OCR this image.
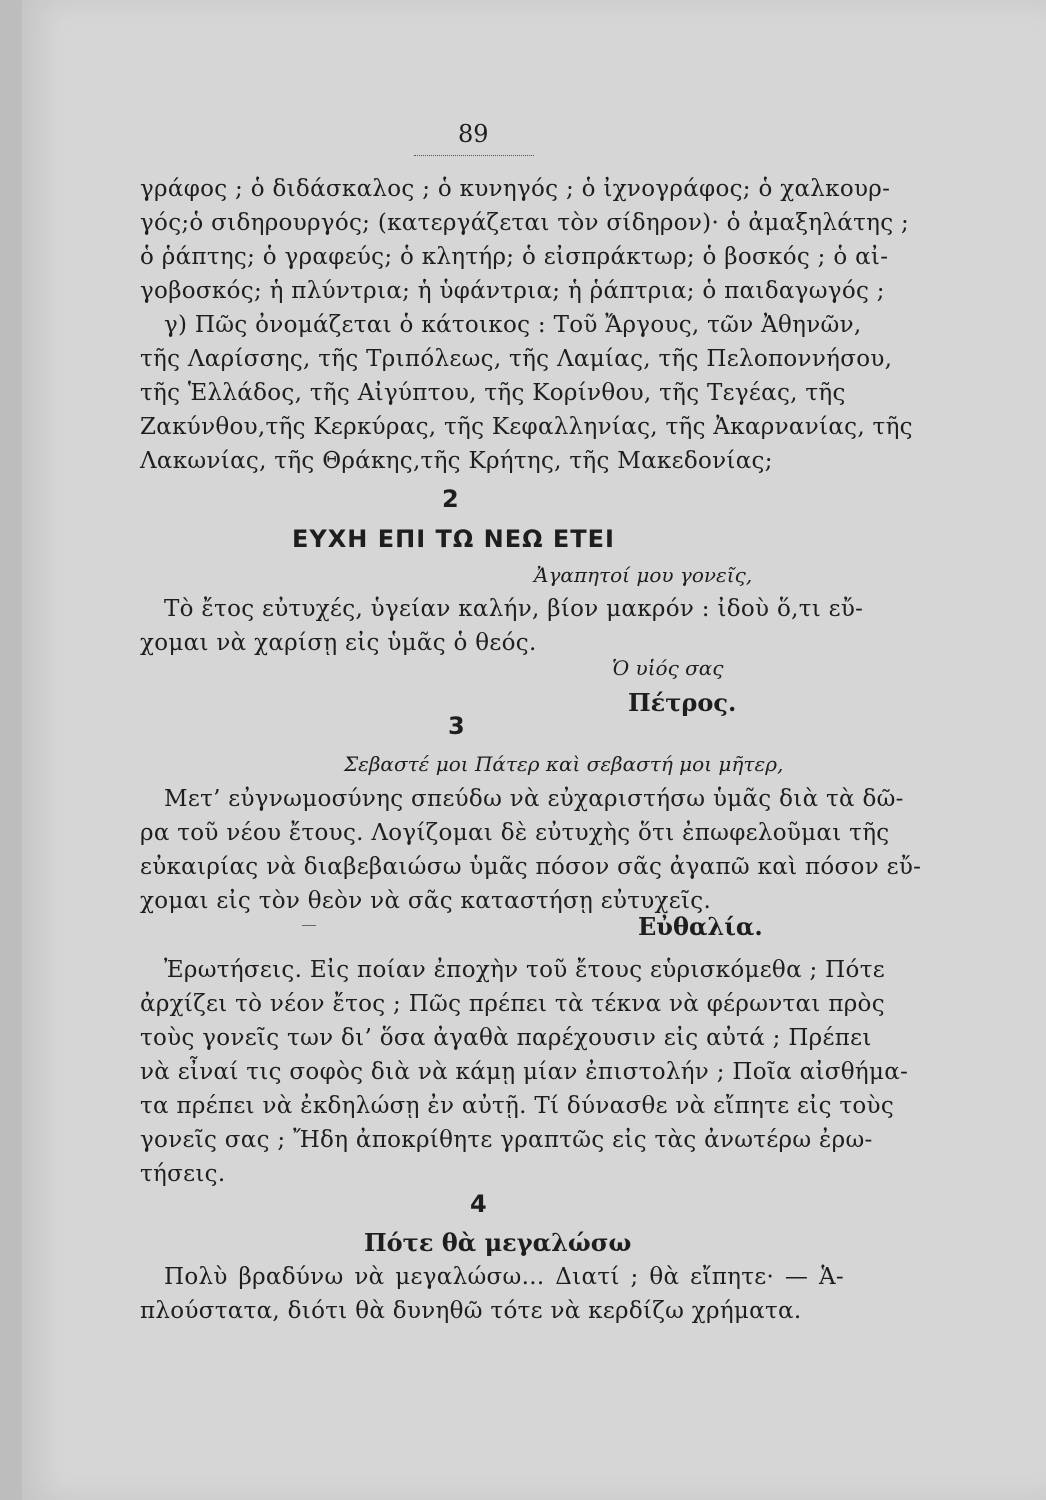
89
γράφος ; ὁ διδάσκαλος ; ὁ κυνηγός ; ὁ ἰχνογράφος; ὁ χαλκουρ-
γός;ὁ σιδηρουργός; (κατεργάζεται τὸν σίδηρον)· ὁ ἀμαξηλάτης ;
ὁ ῥάπτης; ὁ γραφεύς; ὁ κλητήρ; ὁ εἰσπράκτωρ; ὁ βοσκός ; ὁ αἰ-
γοβοσκός; ἡ πλύντρια; ἡ ὑφάντρια; ἡ ῥάπτρια; ὁ παιδαγωγός ;
γ) Πῶς ὀνομάζεται ὁ κάτοικος : Τοῦ Ἄργους, τῶν Ἀθηνῶν,
τῆς Λαρίσσης, τῆς Τριπόλεως, τῆς Λαμίας, τῆς Πελοποννήσου,
τῆς Ἑλλάδος, τῆς Αἰγύπτου, τῆς Κορίνθου, τῆς Τεγέας, τῆς
Ζακύνθου,τῆς Κερκύρας, τῆς Κεφαλληνίας, τῆς Ἀκαρνανίας, τῆς
Λακωνίας, τῆς Θράκης,τῆς Κρήτης, τῆς Μακεδονίας;
2
ΕΥΧΗ ΕΠΙ ΤΩ ΝΕΩ ΕΤΕΙ
Ἀγαπητοί μου γονεῖς,
Τὸ ἔτος εὐτυχές, ὑγείαν καλήν, βίον μακρόν : ἰδοὺ ὅ,τι εὔ-
χομαι νὰ χαρίσῃ εἰς ὑμᾶς ὁ θεός.
Ὁ υἱός σας
Πέτρος.
3
Σεβαστέ μοι Πάτερ καὶ σεβαστή μοι μῆτερ,
Μετ’ εὐγνωμοσύνης σπεύδω νὰ εὐχαριστήσω ὑμᾶς διὰ τὰ δῶ-
ρα τοῦ νέου ἔτους. Λογίζομαι δὲ εὐτυχὴς ὅτι ἐπωφελοῦμαι τῆς
εὐκαιρίας νὰ διαβεβαιώσω ὑμᾶς πόσον σᾶς ἀγαπῶ καὶ πόσον εὔ-
χομαι εἰς τὸν θεὸν νὰ σᾶς καταστήσῃ εὐτυχεῖς.
Εὐθαλία.
Ἐρωτήσεις. Εἰς ποίαν ἐποχὴν τοῦ ἔτους εὑρισκόμεθα ; Πότε
ἀρχίζει τὸ νέον ἔτος ; Πῶς πρέπει τὰ τέκνα νὰ φέρωνται πρὸς
τοὺς γονεῖς των δι’ ὅσα ἀγαθὰ παρέχουσιν εἰς αὐτά ; Πρέπει
νὰ εἶναί τις σοφὸς διὰ νὰ κάμῃ μίαν ἐπιστολήν ; Ποῖα αἰσθήμα-
τα πρέπει νὰ ἐκδηλώσῃ ἐν αὐτῇ. Τί δύνασθε νὰ εἴπητε εἰς τοὺς
γονεῖς σας ; Ἤδη ἀποκρίθητε γραπτῶς εἰς τὰς ἀνωτέρω ἐρω-
τήσεις.
4
Πότε θὰ μεγαλώσω
Πολὺ βραδύνω νὰ μεγαλώσω... Διατί ; θὰ εἴπητε· — Ἁ-
πλούστατα, διότι θὰ δυνηθῶ τότε νὰ κερδίζω χρήματα.
